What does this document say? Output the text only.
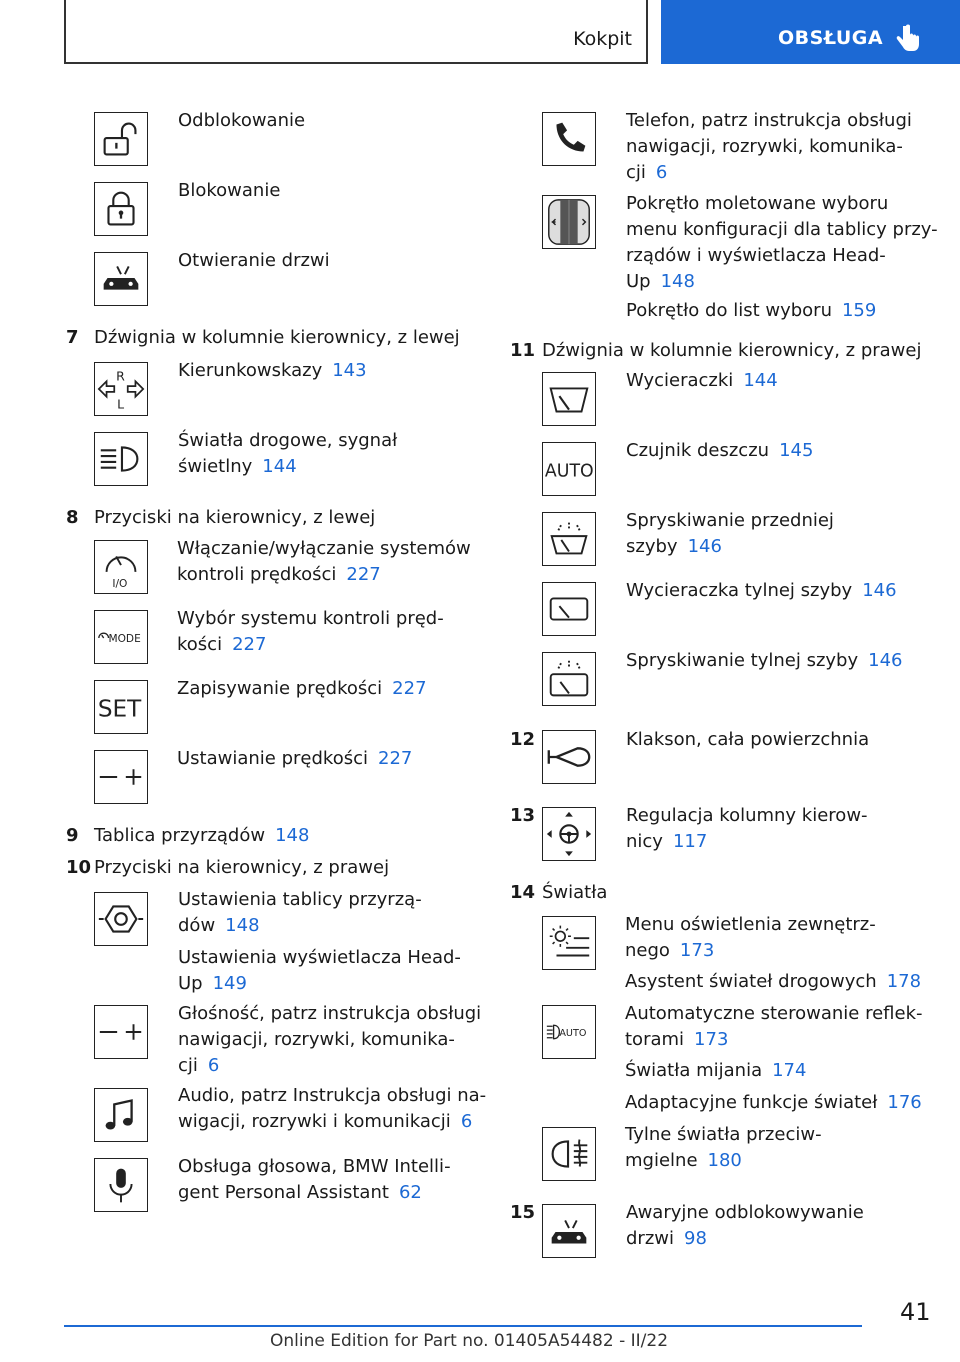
Kokpit	OBSŁUGA
Odblokowanie
Blokowanie
Otwieranie drzwi
7 Dźwignia w kolumnie kierownicy, z lewej
R
L
Kierunkowskazy 143
Światła drogowe, sygnał
świetlny 144
8 Przyciski na kierownicy, z lewej
I/O
Włączanie/wyłączanie systemów
kontroli prędkości 227
MODE
Wybór systemu kontroli pręd-
kości 227
SET
Zapisywanie prędkości 227
Ustawianie prędkości 227
9 Tablica przyrządów 148
10 Przyciski na kierownicy, z prawej
Ustawienia tablicy przyrzą-
dów 148
Ustawienia wyświetlacza Head-
Up 149
Głośność, patrz instrukcja obsługi
nawigacji, rozrywki, komunika-
cji 6
Audio, patrz Instrukcja obsługi na-
wigacji, rozrywki i komunikacji 6
Obsługa głosowa, BMW Intelli-
gent Personal Assistant 62
Telefon, patrz instrukcja obsługi
nawigacji, rozrywki, komunika-
cji 6
Pokrętło moletowane wyboru
menu konfiguracji dla tablicy przy-
rządów i wyświetlacza Head-
Up 148
Pokrętło do list wyboru 159
11 Dźwignia w kolumnie kierownicy, z prawej
Wycieraczki 144
AUTO
Czujnik deszczu 145
Spryskiwanie przedniej
szyby 146
Wycieraczka tylnej szyby 146
Spryskiwanie tylnej szyby 146
12	Klakson, cała powierzchnia
13	Regulacja kolumny kierow-
nicy 117
14 Światła
Menu oświetlenia zewnętrz-
nego 173
Asystent świateł drogowych 178
AUTO
Automatyczne sterowanie reflek-
torami 173
Światła mijania 174
Adaptacyjne funkcje świateł 176
Tylne światła przeciw-
mgielne 180
15	Awaryjne odblokowywanie
drzwi 98
41
Online Edition for Part no. 01405A54482 - II/22
